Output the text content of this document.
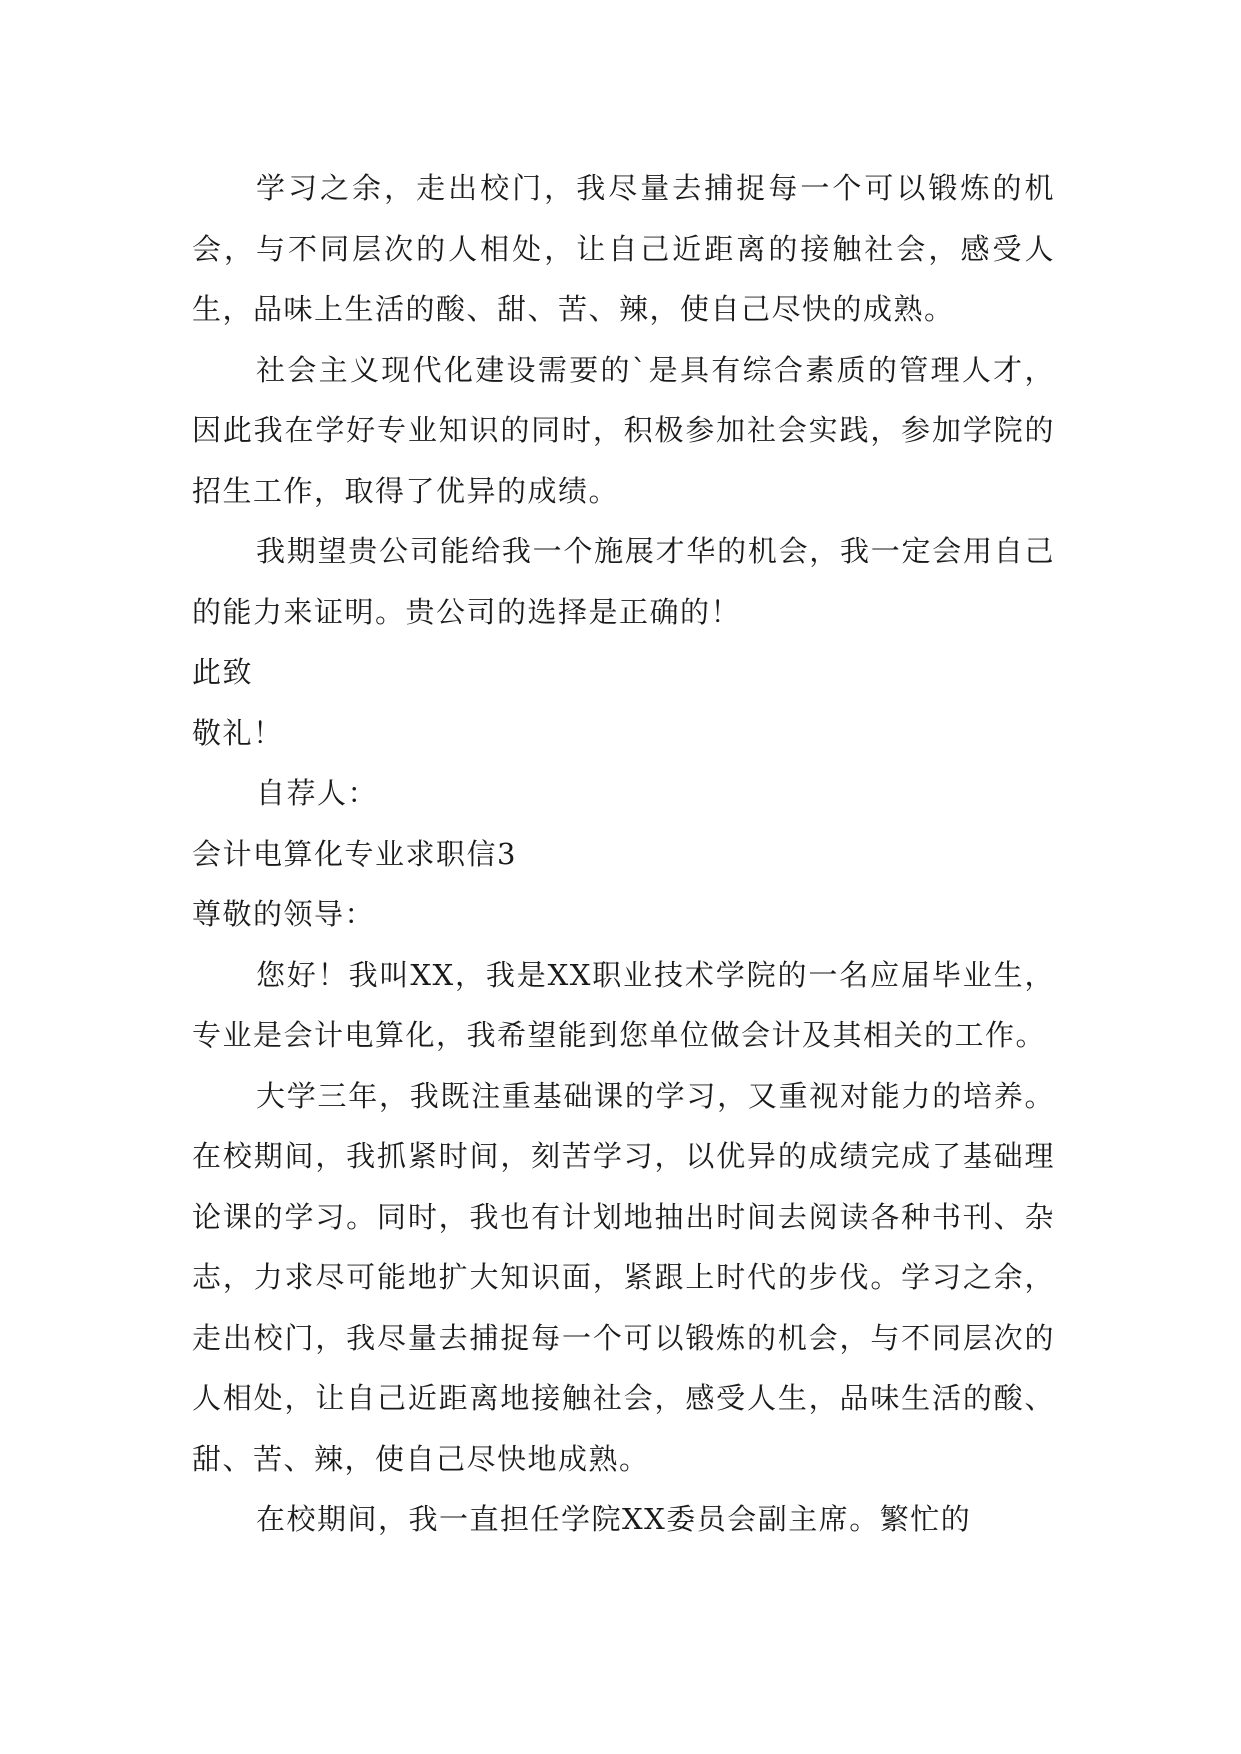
学习之余，走出校门，我尽量去捕捉每一个可以锻炼的机会，与不同层次的人相处，让自己近距离的接触社会，感受人生，品味上生活的酸、甜、苦、辣，使自己尽快的成熟。

社会主义现代化建设需要的`是具有综合素质的管理人才，因此我在学好专业知识的同时，积极参加社会实践，参加学院的招生工作，取得了优异的成绩。

我期望贵公司能给我一个施展才华的机会，我一定会用自己的能力来证明。贵公司的选择是正确的！

此致

敬礼！

自荐人：

会计电算化专业求职信3

尊敬的领导：

您好！我叫XX，我是XX职业技术学院的一名应届毕业生，专业是会计电算化，我希望能到您单位做会计及其相关的工作。

大学三年，我既注重基础课的学习，又重视对能力的培养。在校期间，我抓紧时间，刻苦学习，以优异的成绩完成了基础理论课的学习。同时，我也有计划地抽出时间去阅读各种书刊、杂志，力求尽可能地扩大知识面，紧跟上时代的步伐。学习之余，走出校门，我尽量去捕捉每一个可以锻炼的机会，与不同层次的人相处，让自己近距离地接触社会，感受人生，品味生活的酸、甜、苦、辣，使自己尽快地成熟。

在校期间，我一直担任学院XX委员会副主席。繁忙的
